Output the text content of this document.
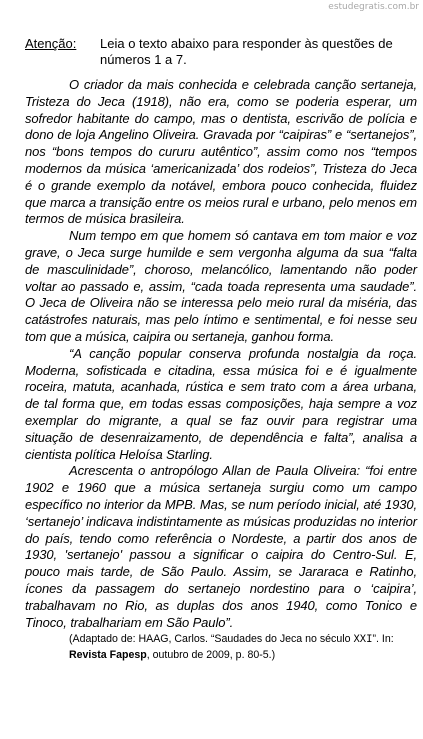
estudegratis.com.br
Atenção:	Leia o texto abaixo para responder às questões de números 1 a 7.

O criador da mais conhecida e celebrada canção sertaneja, Tristeza do Jeca (1918), não era, como se poderia esperar, um sofredor habitante do campo, mas o dentista, escrivão de polícia e dono de loja Angelino Oliveira. Gravada por “caipiras” e “sertanejos”, nos “bons tempos do cururu autêntico”, assim como nos “tempos modernos da música ‘americanizada’ dos rodeios”, Tristeza do Jeca é o grande exemplo da notável, embora pouco conhecida, fluidez que marca a transição entre os meios rural e urbano, pelo menos em termos de música brasileira.

Num tempo em que homem só cantava em tom maior e voz grave, o Jeca surge humilde e sem vergonha alguma da sua “falta de masculinidade”, choroso, melancólico, lamentando não poder voltar ao passado e, assim, “cada toada representa uma saudade”. O Jeca de Oliveira não se interessa pelo meio rural da miséria, das catástrofes naturais, mas pelo íntimo e sentimental, e foi nesse seu tom que a música, caipira ou sertaneja, ganhou forma.

“A canção popular conserva profunda nostalgia da roça. Moderna, sofisticada e citadina, essa música foi e é igualmente roceira, matuta, acanhada, rústica e sem trato com a área urbana, de tal forma que, em todas essas composições, haja sempre a voz exemplar do migrante, a qual se faz ouvir para registrar uma situação de desenraizamento, de dependência e falta”, analisa a cientista política Heloísa Starling.

Acrescenta o antropólogo Allan de Paula Oliveira: “foi entre 1902 e 1960 que a música sertaneja surgiu como um campo específico no interior da MPB. Mas, se num período inicial, até 1930, ‘sertanejo’ indicava indistintamente as músicas produzidas no interior do país, tendo como referência o Nordeste, a partir dos anos de 1930, 'sertanejo' passou a significar o caipira do Centro-Sul. E, pouco mais tarde, de São Paulo. Assim, se Jararaca e Ratinho, ícones da passagem do sertanejo nordestino para o ‘caipira’, trabalhavam no Rio, as duplas dos anos 1940, como Tonico e Tinoco, trabalhariam em São Paulo”.

(Adaptado de: HAAG, Carlos. “Saudades do Jeca no século XXI”. In: Revista Fapesp, outubro de 2009, p. 80-5.)
